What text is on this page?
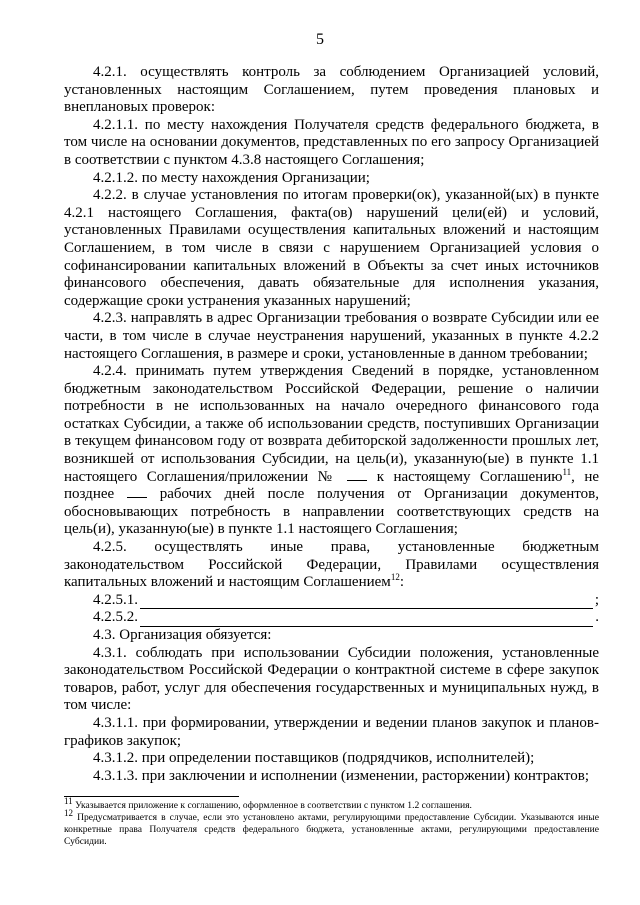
5

4.2.1. осуществлять контроль за соблюдением Организацией условий, установленных настоящим Соглашением, путем проведения плановых и внеплановых проверок:

4.2.1.1. по месту нахождения Получателя средств федерального бюджета, в том числе на основании документов, представленных по его запросу Организацией в соответствии с пунктом 4.3.8 настоящего Соглашения;

4.2.1.2. по месту нахождения Организации;

4.2.2. в случае установления по итогам проверки(ок), указанной(ых) в пункте 4.2.1 настоящего Соглашения, факта(ов) нарушений цели(ей) и условий, установленных Правилами осуществления капитальных вложений и настоящим Соглашением, в том числе в связи с нарушением Организацией условия о софинансировании капитальных вложений в Объекты за счет иных источников финансового обеспечения, давать обязательные для исполнения указания, содержащие сроки устранения указанных нарушений;

4.2.3. направлять в адрес Организации требования о возврате Субсидии или ее части, в том числе в случае неустранения нарушений, указанных в пункте 4.2.2 настоящего Соглашения, в размере и сроки, установленные в данном требовании;

4.2.4. принимать путем утверждения Сведений в порядке, установленном бюджетным законодательством Российской Федерации, решение о наличии потребности в не использованных на начало очередного финансового года остатках Субсидии, а также об использовании средств, поступивших Организации в текущем финансовом году от возврата дебиторской задолженности прошлых лет, возникшей от использования Субсидии, на цель(и), указанную(ые) в пункте 1.1 настоящего Соглашения/приложении №	к настоящему Соглашению$^{11}$, не позднее	рабочих дней после получения от Организации документов, обосновывающих потребность в направлении соответствующих средств на цель(и), указанную(ые) в пункте 1.1 настоящего Соглашения;

4.2.5. осуществлять иные права, установленные бюджетным законодательством Российской Федерации, Правилами осуществления капитальных вложений и настоящим Соглашением$^{12}$:

4.2.5.1.	;
4.2.5.2.	.

4.3. Организация обязуется:

4.3.1. соблюдать при использовании Субсидии положения, установленные законодательством Российской Федерации о контрактной системе в сфере закупок товаров, работ, услуг для обеспечения государственных и муниципальных нужд, в том числе:

4.3.1.1. при формировании, утверждении и ведении планов закупок и планов-графиков закупок;

4.3.1.2. при определении поставщиков (подрядчиков, исполнителей);

4.3.1.3. при заключении и исполнении (изменении, расторжении) контрактов;

$^{11}$ Указывается приложение к соглашению, оформленное в соответствии с пунктом 1.2 соглашения.

$^{12}$ Предусматривается в случае, если это установлено актами, регулирующими предоставление Субсидии. Указываются иные конкретные права Получателя средств федерального бюджета, установленные актами, регулирующими предоставление Субсидии.
